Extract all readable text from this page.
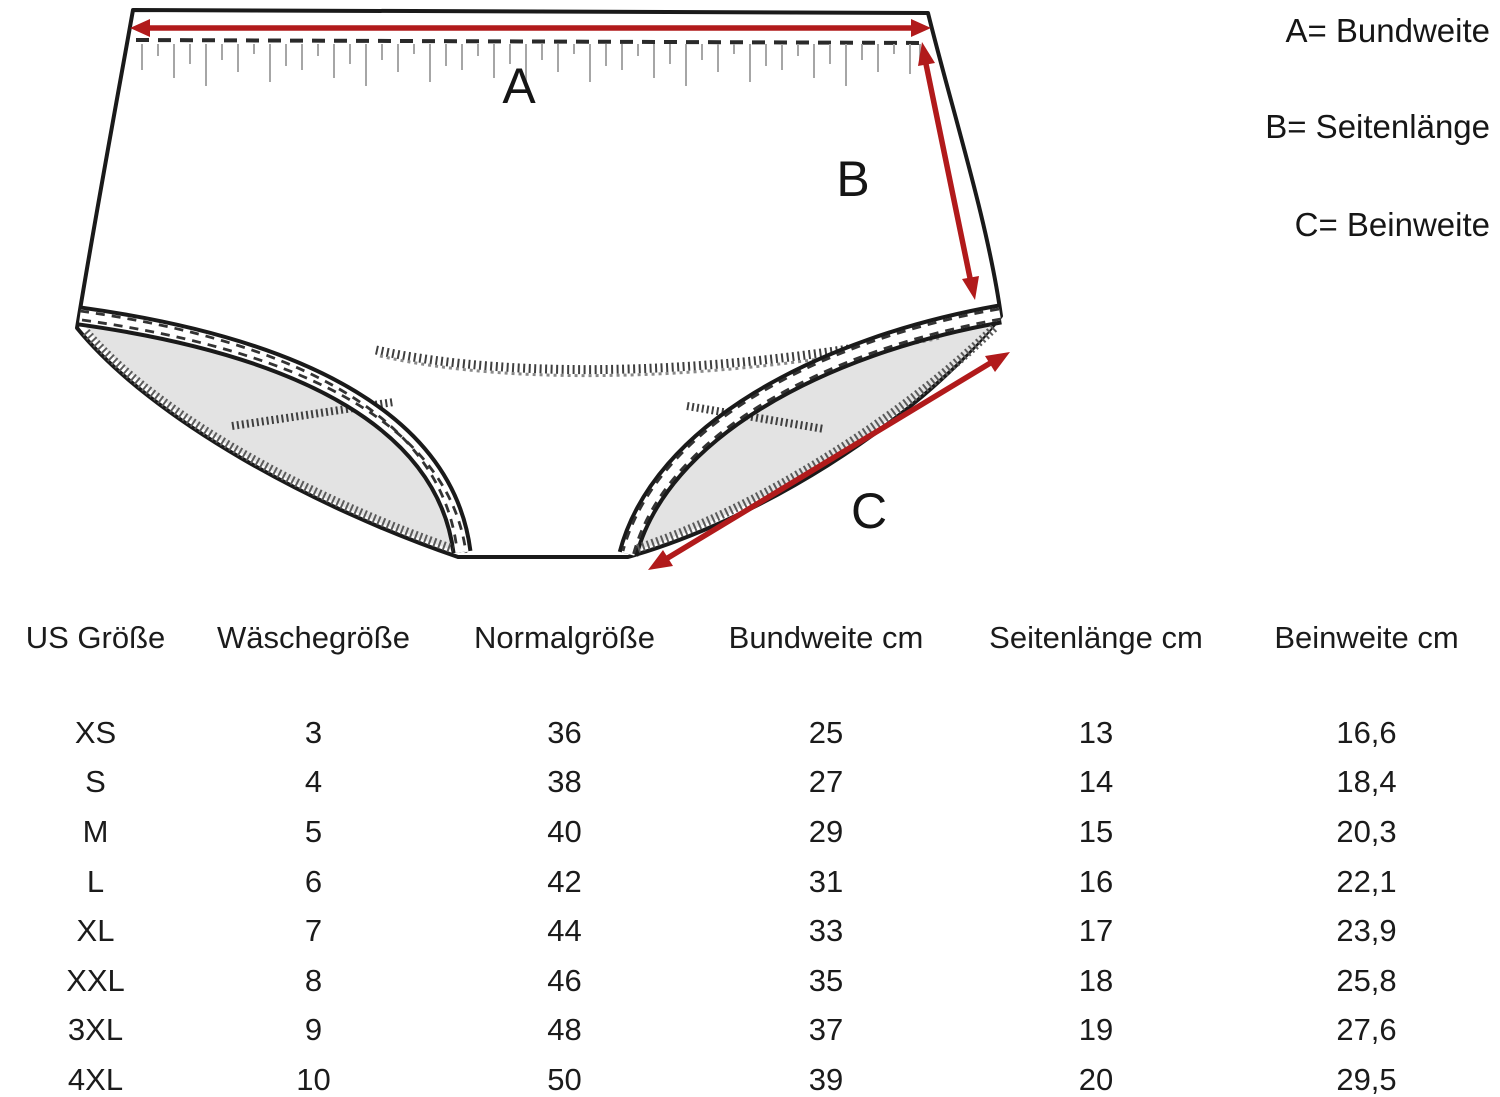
A
B
C
A= Bundweite
B= Seitenlänge
C= Beinweite
US Größe	Wäschegröße	Normalgröße	Bundweite cm	Seitenlänge cm	Beinweite cm
XS	3	36	25	13	16,6
S	4	38	27	14	18,4
M	5	40	29	15	20,3
L	6	42	31	16	22,1
XL	7	44	33	17	23,9
XXL	8	46	35	18	25,8
3XL	9	48	37	19	27,6
4XL	10	50	39	20	29,5
